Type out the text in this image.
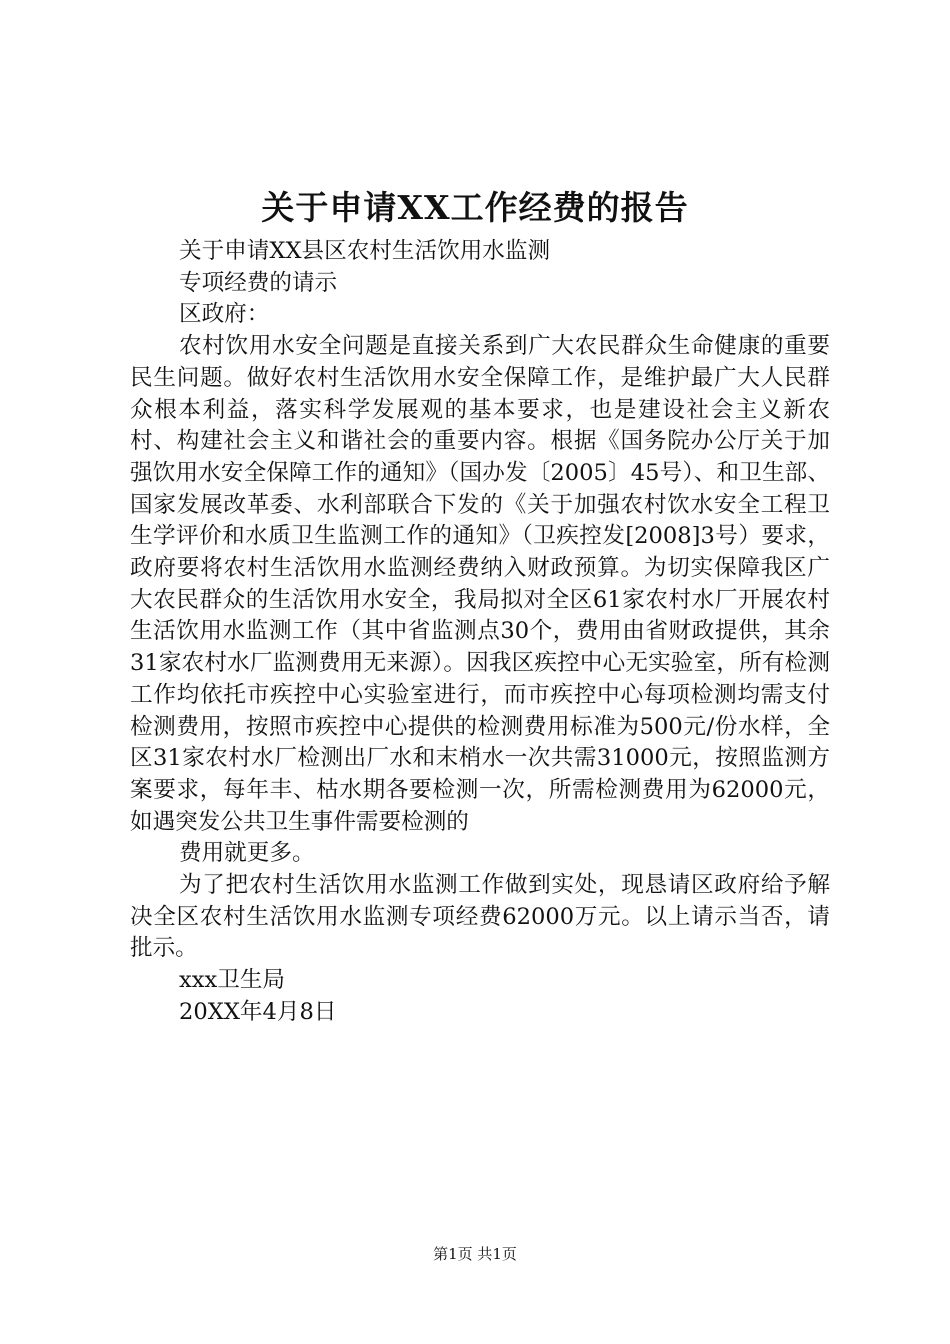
关于申请XX工作经费的报告
关于申请XX县区农村生活饮用水监测
专项经费的请示
区政府：

农村饮用水安全问题是直接关系到广大农民群众生命健康的重要民生问题。做好农村生活饮用水安全保障工作，是维护最广大人民群众根本利益，落实科学发展观的基本要求，也是建设社会主义新农村、构建社会主义和谐社会的重要内容。根据《国务院办公厅关于加强饮用水安全保障工作的通知》（国办发〔2005〕45号）、和卫生部、国家发展改革委、水利部联合下发的《关于加强农村饮水安全工程卫生学评价和水质卫生监测工作的通知》（卫疾控发[2008]3号）要求，政府要将农村生活饮用水监测经费纳入财政预算。为切实保障我区广大农民群众的生活饮用水安全，我局拟对全区61家农村水厂开展农村生活饮用水监测工作（其中省监测点30个，费用由省财政提供，其余31家农村水厂监测费用无来源）。因我区疾控中心无实验室，所有检测工作均依托市疾控中心实验室进行，而市疾控中心每项检测均需支付检测费用，按照市疾控中心提供的检测费用标准为500元/份水样，全区31家农村水厂检测出厂水和末梢水一次共需31000元，按照监测方案要求，每年丰、枯水期各要检测一次，所需检测费用为62000元，如遇突发公共卫生事件需要检测的

费用就更多。

为了把农村生活饮用水监测工作做到实处，现恳请区政府给予解决全区农村生活饮用水监测专项经费62000万元。以上请示当否，请批示。

xxx卫生局
20XX年4月8日
第1页 共1页
